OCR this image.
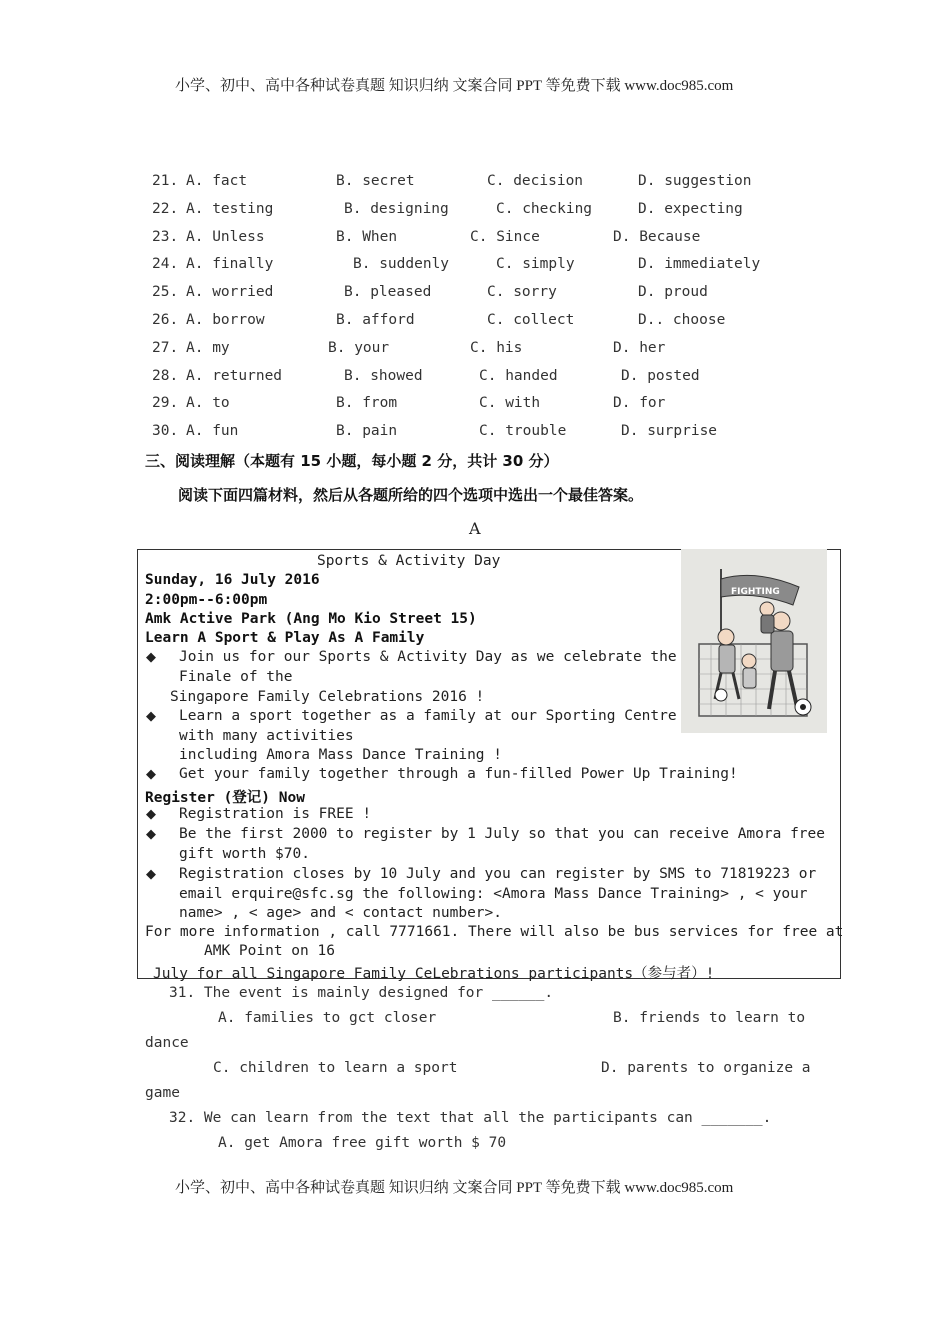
小学、初中、高中各种试卷真题 知识归纳 文案合同 PPT 等免费下载 www.doc985.com
21. A. fact	B. secret	C. decision	D. suggestion
22. A. testing	B. designing	C. checking	D. expecting
23. A. Unless	B. When	C. Since	D. Because
24. A. finally	B. suddenly	C. simply	D. immediately
25. A. worried	B. pleased	C. sorry	D. proud
26. A. borrow	B. afford	C. collect	D.. choose
27. A. my	B. your	C. his	D. her
28. A. returned	B. showed	C. handed	D. posted
29. A. to	B. from	C. with	D. for
30. A. fun	B. pain	C. trouble	D. surprise
三、阅读理解（本题有 15 小题，每小题 2 分，共计 30 分）
阅读下面四篇材料，然后从各题所给的四个选项中选出一个最佳答案。
A
FIGHTING
Sports & Activity Day
Sunday, 16 July 2016
2:00pm--6:00pm
Amk Active Park (Ang Mo Kio Street 15)
Learn A Sport & Play As A Family
◆ Join us for our Sports & Activity Day as we celebrate the
Finale of the
Singapore Family Celebrations 2016 !
◆ Learn a sport together as a family at our Sporting Centre
with many activities
including Amora Mass Dance Training !
◆ Get your family together through a fun-filled Power Up Training!
Register (登记) Now
◆ Registration is FREE !
◆ Be the first 2000 to register by 1 July so that you can receive Amora free
gift worth $70.
◆ Registration closes by 10 July and you can register by SMS to 71819223 or
email erquire@sfc.sg the following: <Amora Mass Dance Training> , < your
name> , < age> and < contact number>.
For more information , call 7771661. There will also be bus services for free at
AMK Point on 16
July for all Singapore Family CeLebrations participants（参与者）!
31. The event is mainly designed for ______.
A. families to gct closer	B. friends to learn to
dance
C. children to learn a sport	D. parents to organize a
game
32. We can learn from the text that all the participants can _______.
A. get Amora free gift worth $ 70
小学、初中、高中各种试卷真题 知识归纳 文案合同 PPT 等免费下载 www.doc985.com
